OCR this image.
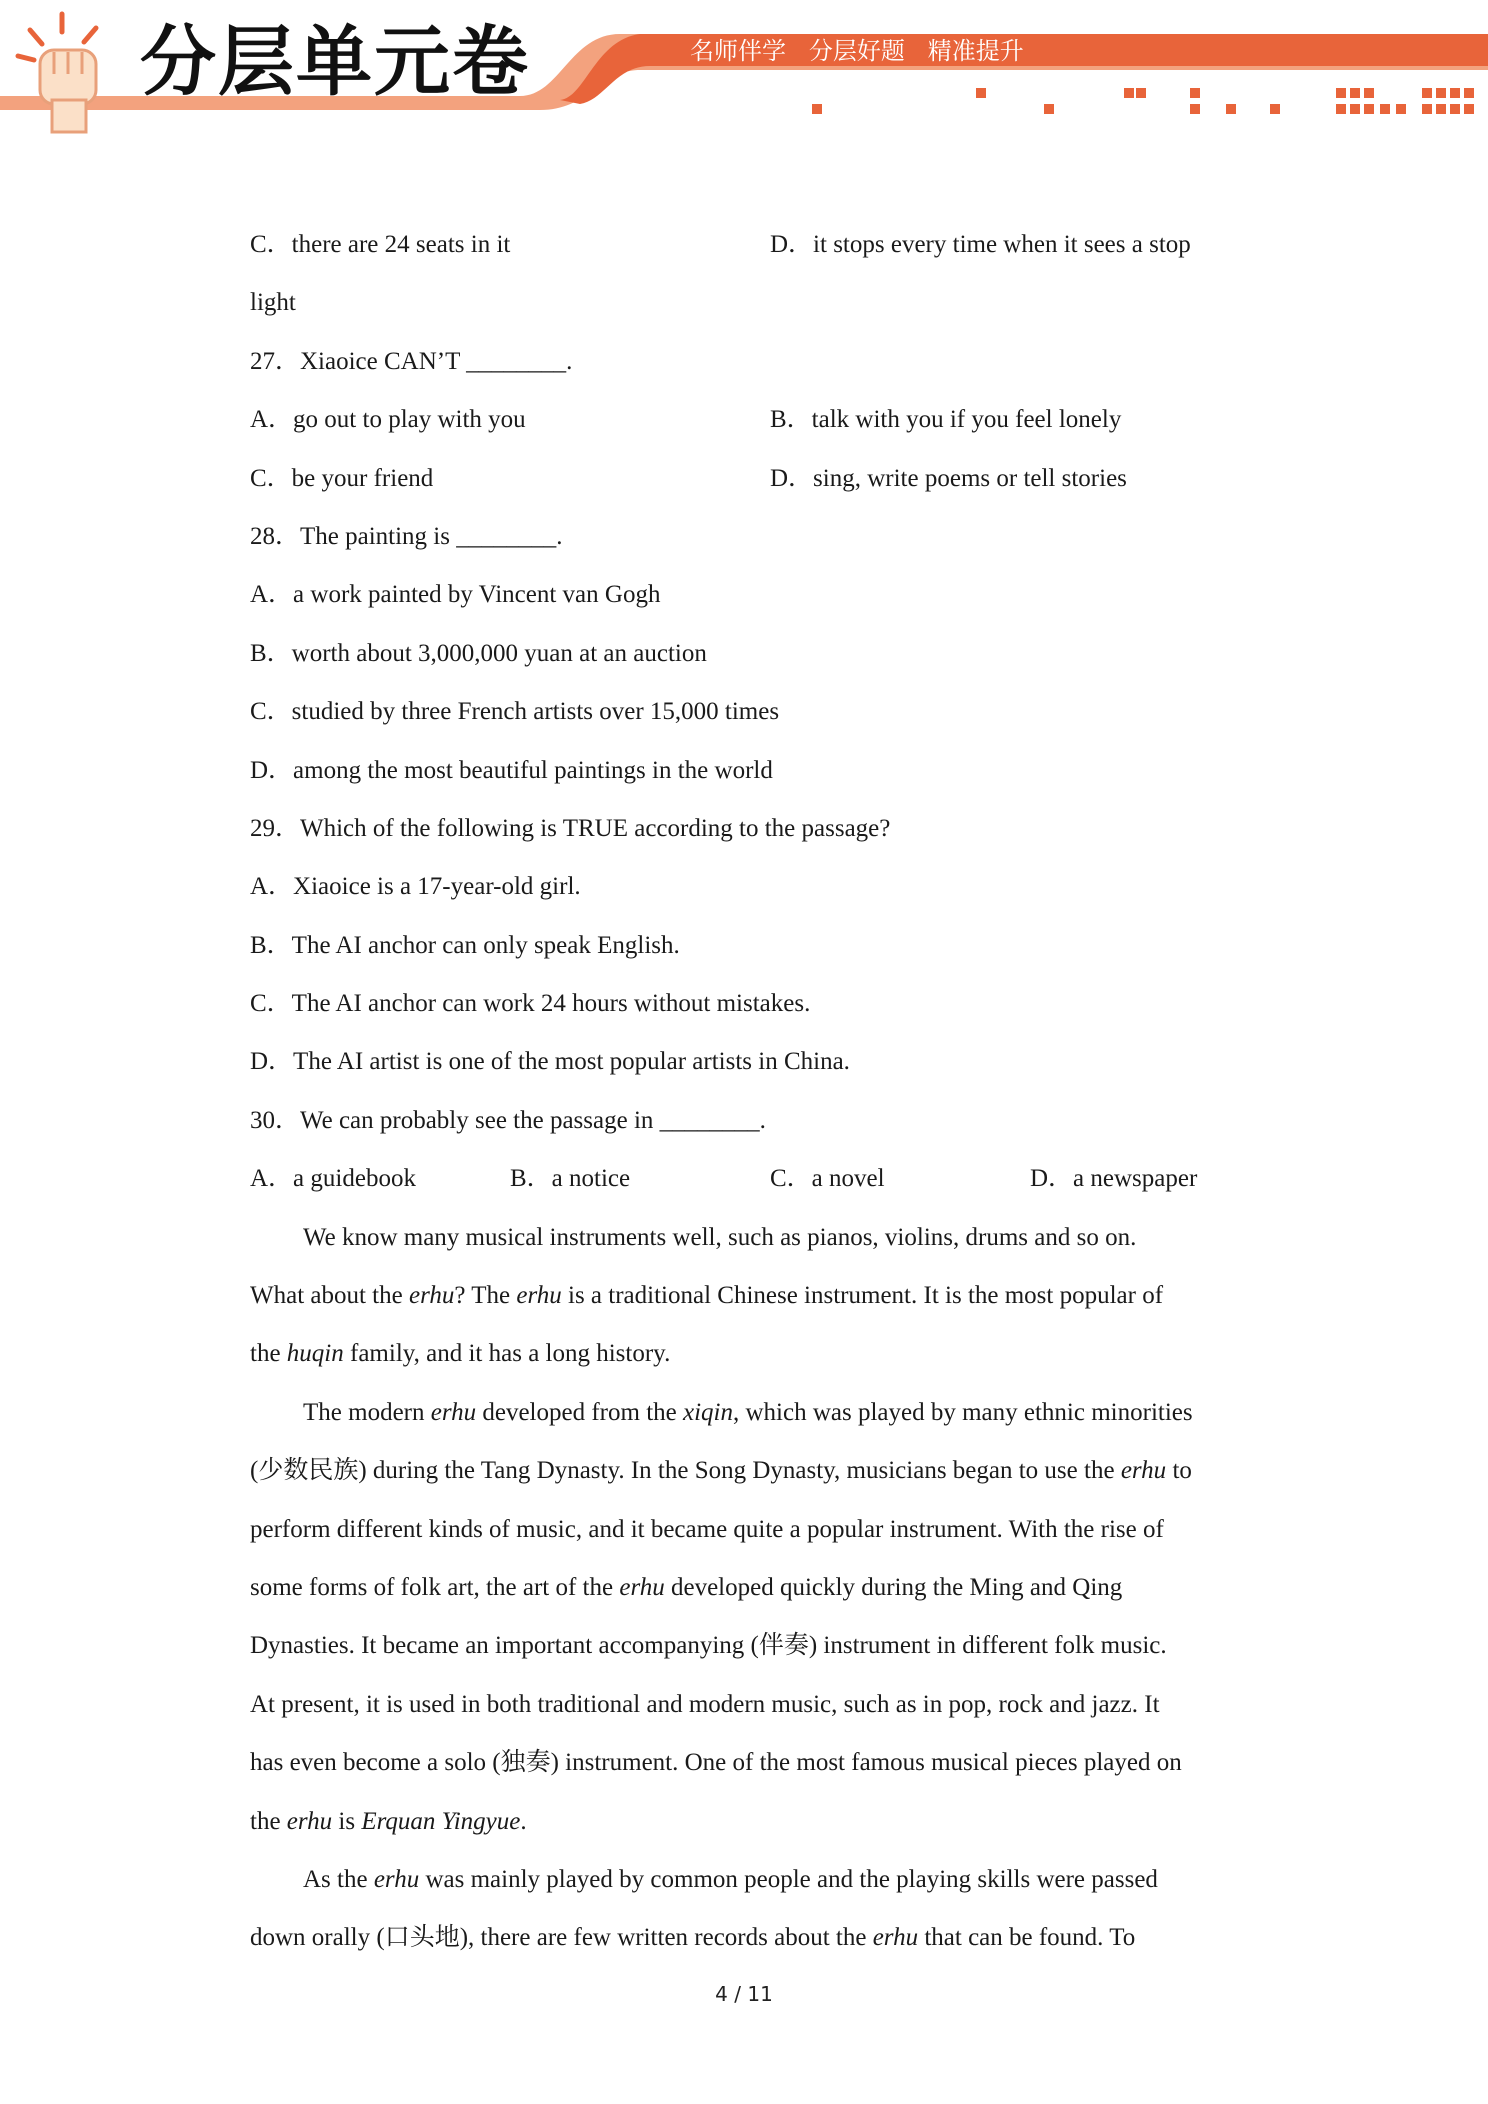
分层单元卷	名师伴学   分层好题   精准提升
C．there are 24 seats in it	D．it stops every time when it sees a stop
light
27．Xiaoice CAN’T ________.
A．go out to play with you	B．talk with you if you feel lonely
C．be your friend	D．sing, write poems or tell stories
28．The painting is ________.
A．a work painted by Vincent van Gogh
B．worth about 3,000,000 yuan at an auction
C．studied by three French artists over 15,000 times
D．among the most beautiful paintings in the world
29．Which of the following is TRUE according to the passage?
A．Xiaoice is a 17-year-old girl.
B．The AI anchor can only speak English.
C．The AI anchor can work 24 hours without mistakes.
D．The AI artist is one of the most popular artists in China.
30．We can probably see the passage in ________.
A．a guidebook	B．a notice	C．a novel	D．a newspaper
We know many musical instruments well, such as pianos, violins, drums and so on.
What about the erhu? The erhu is a traditional Chinese instrument. It is the most popular of
the huqin family, and it has a long history.
The modern erhu developed from the xiqin, which was played by many ethnic minorities
(少数民族) during the Tang Dynasty. In the Song Dynasty, musicians began to use the erhu to
perform different kinds of music, and it became quite a popular instrument. With the rise of
some forms of folk art, the art of the erhu developed quickly during the Ming and Qing
Dynasties. It became an important accompanying (伴奏) instrument in different folk music.
At present, it is used in both traditional and modern music, such as in pop, rock and jazz. It
has even become a solo (独奏) instrument. One of the most famous musical pieces played on
the erhu is Erquan Yingyue.
As the erhu was mainly played by common people and the playing skills were passed
down orally (口头地), there are few written records about the erhu that can be found. To
4 / 11
